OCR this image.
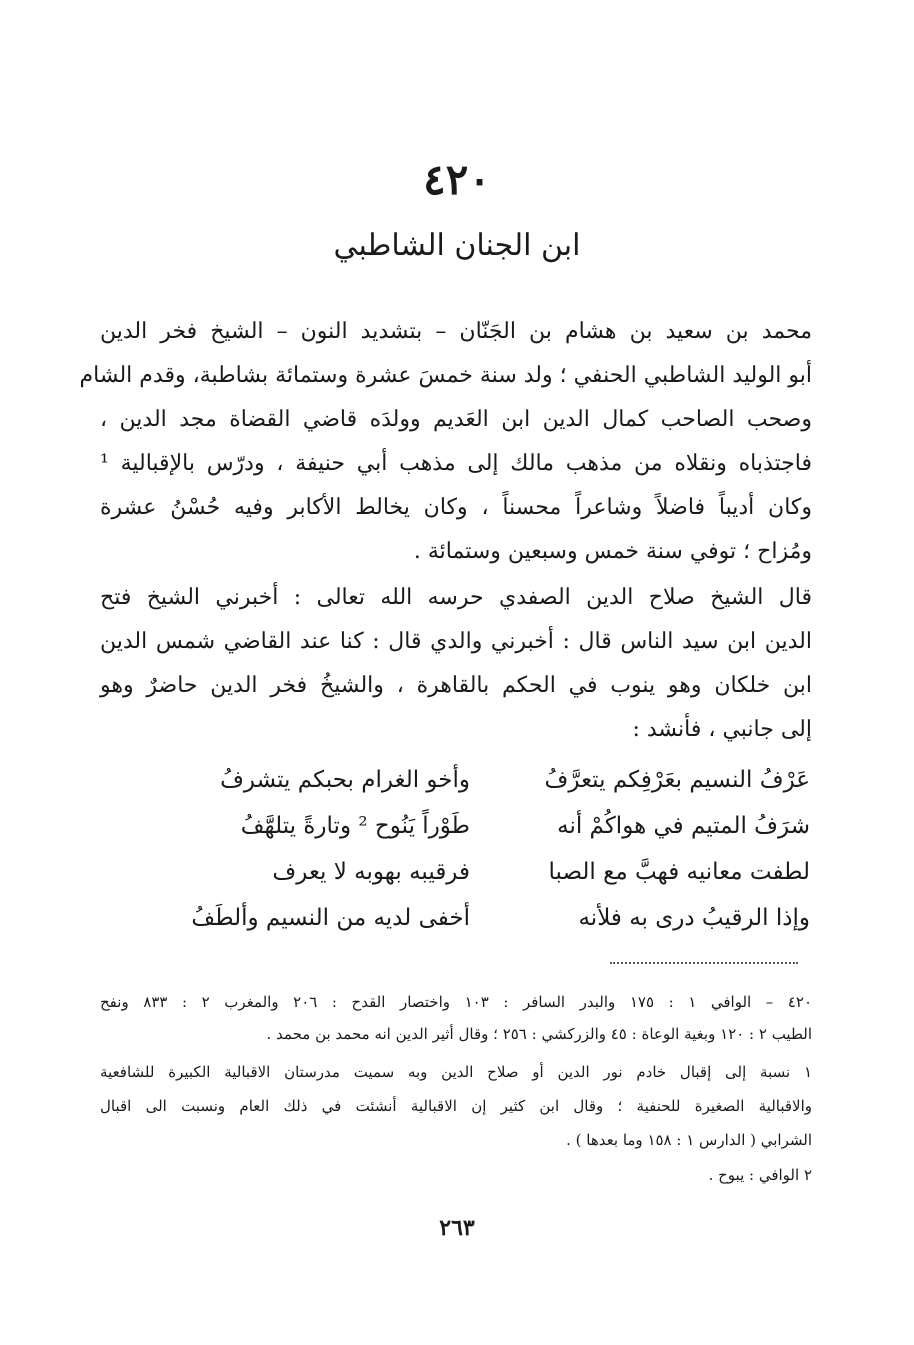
٤٢٠
ابن الجنان الشاطبي
محمد بن سعيد بن هشام بن الجَنّان – بتشديد النون – الشيخ فخر الدين
أبو الوليد الشاطبي الحنفي ؛ ولد سنة خمسَ عشرة وستمائة بشاطبة، وقدم الشام
وصحب الصاحب كمال الدين ابن العَديم وولدَه قاضي القضاة مجد الدين ،
فاجتذباه ونقلاه من مذهب مالك إلى مذهب أبي حنيفة ، ودرّس بالإقبالية ¹
وكان أديباً فاضلاً وشاعراً محسناً ، وكان يخالط الأكابر وفيه حُسْنُ عشرة
ومُزاح ؛ توفي سنة خمس وسبعين وستمائة .
قال الشيخ صلاح الدين الصفدي حرسه الله تعالى : أخبرني الشيخ فتح
الدين ابن سيد الناس قال : أخبرني والدي قال : كنا عند القاضي شمس الدين
ابن خلكان وهو ينوب في الحكم بالقاهرة ، والشيخُ فخر الدين حاضرٌ وهو
إلى جانبي ، فأنشد :
عَرْفُ النسيم بعَرْفِكم يتعرَّفُ
وأخو الغرام بحبكم يتشرفُ
شرَفُ المتيم في هواكُمْ أنه
طَوْراً يَنُوح ² وتارةً يتلهَّفُ
لطفت معانيه فهبَّ مع الصبا
فرقيبه بهوبه لا يعرف
وإذا الرقيبُ درى به فلأنه
أخفى لديه من النسيم وألطَفُ
٤٢٠ – الوافي ١ : ١٧٥ والبدر السافر : ١٠٣ واختصار القدح : ٢٠٦ والمغرب ٢ : ٨٣٣ ونفح
الطيب ٢ : ١٢٠ وبغية الوعاة : ٤٥ والزركشي : ٢٥٦ ؛ وقال أثير الدين انه محمد بن محمد .
١ نسبة إلى إقبال خادم نور الدين أو صلاح الدين وبه سميت مدرستان الاقبالية الكبيرة للشافعية
والاقبالية الصغيرة للحنفية ؛ وقال ابن كثير إن الاقبالية أنشئت في ذلك العام ونسبت الى اقبال
الشرابي ( الدارس ١ : ١٥٨ وما بعدها ) .
٢ الوافي : يبوح .
٢٦٣
